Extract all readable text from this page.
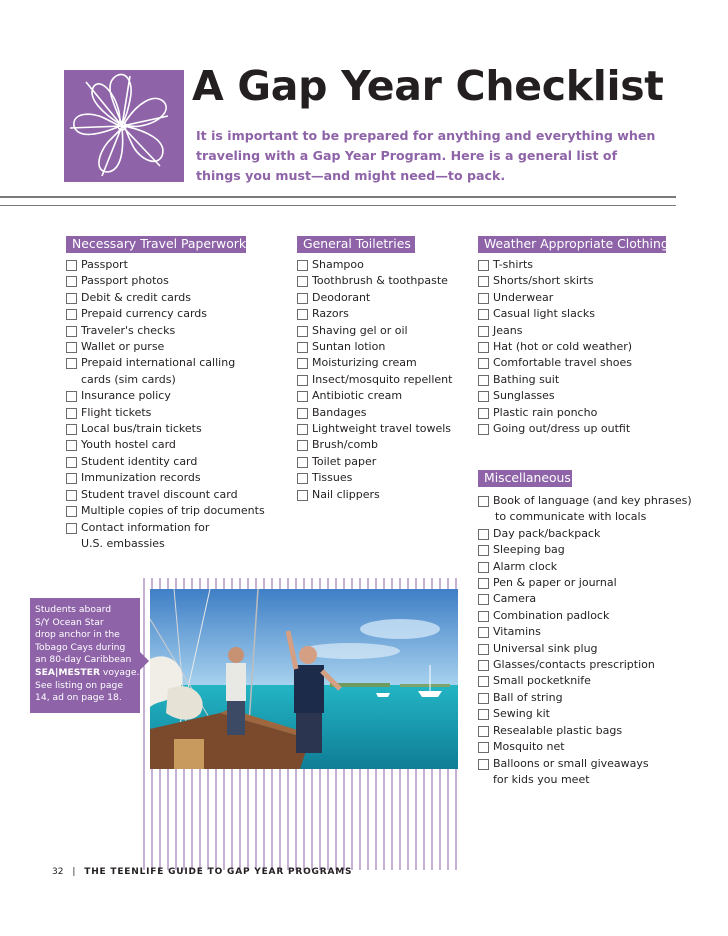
A Gap Year Checklist
It is important to be prepared for anything and everything when traveling with a Gap Year Program. Here is a general list of things you must—and might need—to pack.
Necessary Travel Paperwork
Passport
Passport photos
Debit & credit cards
Prepaid currency cards
Traveler's checks
Wallet or purse
Prepaid international calling
cards (sim cards)
Insurance policy
Flight tickets
Local bus/train tickets
Youth hostel card
Student identity card
Immunization records
Student travel discount card
Multiple copies of trip documents
Contact information for
U.S. embassies
General Toiletries
Shampoo
Toothbrush & toothpaste
Deodorant
Razors
Shaving gel or oil
Suntan lotion
Moisturizing cream
Insect/mosquito repellent
Antibiotic cream
Bandages
Lightweight travel towels
Brush/comb
Toilet paper
Tissues
Nail clippers
Weather Appropriate Clothing
T-shirts
Shorts/short skirts
Underwear
Casual light slacks
Jeans
Hat (hot or cold weather)
Comfortable travel shoes
Bathing suit
Sunglasses
Plastic rain poncho
Going out/dress up outfit
Miscellaneous
Book of language (and key phrases)
to communicate with locals
Day pack/backpack
Sleeping bag
Alarm clock
Pen & paper or journal
Camera
Combination padlock
Vitamins
Universal sink plug
Glasses/contacts prescription
Small pocketknife
Ball of string
Sewing kit
Resealable plastic bags
Mosquito net
Balloons or small giveaways
for kids you meet
Students aboard
S/Y Ocean Star
drop anchor in the
Tobago Cays during
an 80-day Caribbean
SEA|MESTER voyage.
See listing on page
14, ad on page 18.
32 | THE TEENLIFE GUIDE TO GAP YEAR PROGRAMS
